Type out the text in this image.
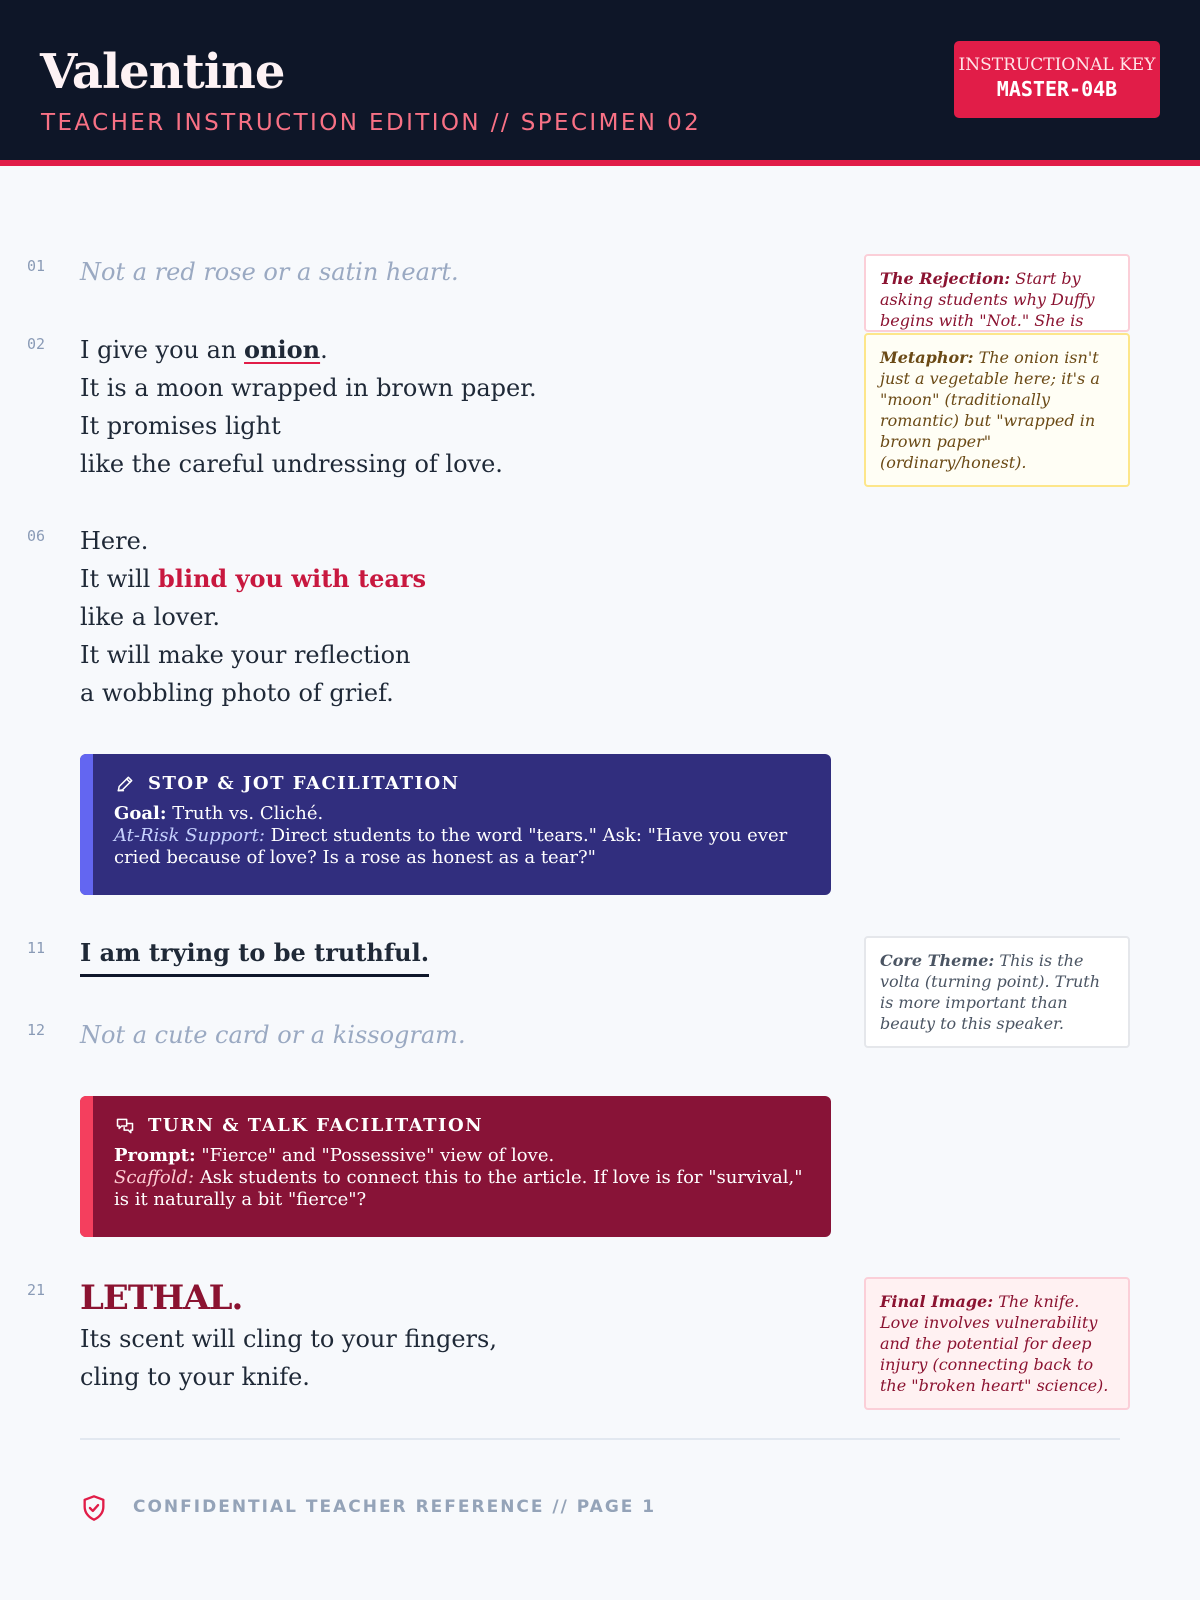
Valentine
TEACHER INSTRUCTION EDITION // SPECIMEN 02
INSTRUCTIONAL KEY
MASTER-04B
01
02
06
11
12
21
Not a red rose or a satin heart.
I give you an onion.
It is a moon wrapped in brown paper.
It promises light
like the careful undressing of love.
Here.
It will blind you with tears
like a lover.
It will make your reflection
a wobbling photo of grief.
STOP & JOT FACILITATION
Goal: Truth vs. Cliché.
At-Risk Support: Direct students to the word "tears." Ask: "Have you ever cried because of love? Is a rose as honest as a tear?"
I am trying to be truthful.
Not a cute card or a kissogram.
TURN & TALK FACILITATION
Prompt: "Fierce" and "Possessive" view of love.
Scaffold: Ask students to connect this to the article. If love is for "survival," is it naturally a bit "fierce"?
LETHAL.
Its scent will cling to your fingers,
cling to your knife.
The Rejection: Start by asking students why Duffy begins with "Not." She is
Metaphor: The onion isn't just a vegetable here; it's a "moon" (traditionally romantic) but "wrapped in brown paper" (ordinary/honest).
Core Theme: This is the volta (turning point). Truth is more important than beauty to this speaker.
Final Image: The knife. Love involves vulnerability and the potential for deep injury (connecting back to the "broken heart" science).
CONFIDENTIAL TEACHER REFERENCE // PAGE 1
